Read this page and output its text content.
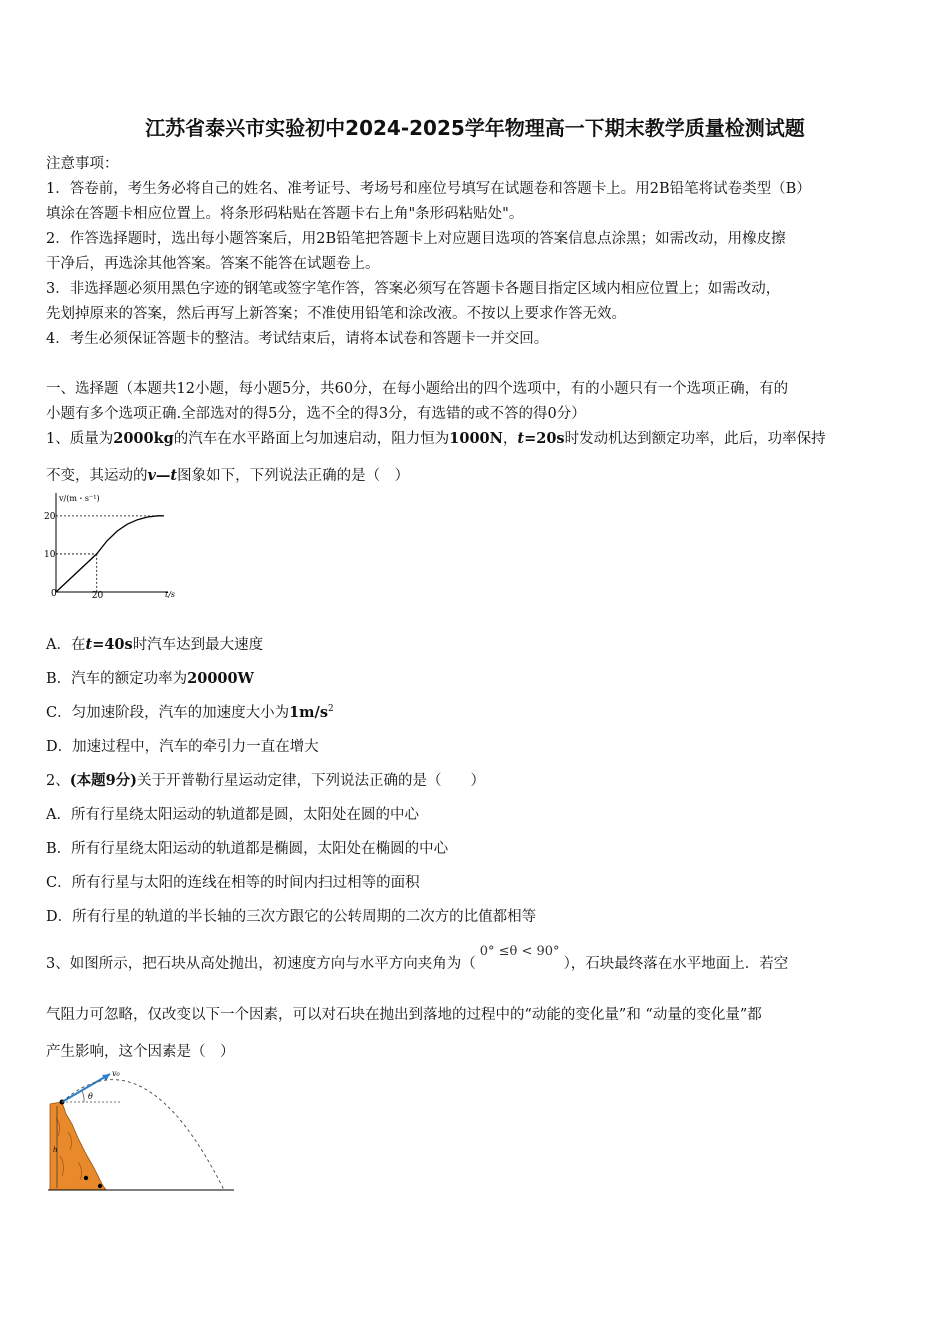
江苏省泰兴市实验初中2024-2025学年物理高一下期末教学质量检测试题
注意事项：
1．答卷前，考生务必将自己的姓名、准考证号、考场号和座位号填写在试题卷和答题卡上。用2B铅笔将试卷类型（B）
填涂在答题卡相应位置上。将条形码粘贴在答题卡右上角"条形码粘贴处"。
2．作答选择题时，选出每小题答案后，用2B铅笔把答题卡上对应题目选项的答案信息点涂黑；如需改动，用橡皮擦
干净后，再选涂其他答案。答案不能答在试题卷上。
3．非选择题必须用黑色字迹的钢笔或签字笔作答，答案必须写在答题卡各题目指定区域内相应位置上；如需改动，
先划掉原来的答案，然后再写上新答案；不准使用铅笔和涂改液。不按以上要求作答无效。
4．考生必须保证答题卡的整洁。考试结束后，请将本试卷和答题卡一并交回。
一、选择题（本题共12小题，每小题5分，共60分，在每小题给出的四个选项中，有的小题只有一个选项正确，有的
小题有多个选项正确.全部选对的得5分，选不全的得3分，有选错的或不答的得0分）
1、质量为2000kg的汽车在水平路面上匀加速启动，阻力恒为1000N，t=20s时发动机达到额定功率，此后，功率保持
不变，其运动的v—t图象如下，下列说法正确的是（　）
v/(m・s⁻¹)
t/s
0
20
10
20
A．在t=40s时汽车达到最大速度
B．汽车的额定功率为20000W
C．匀加速阶段，汽车的加速度大小为$1m/s^2$
D．加速过程中，汽车的牵引力一直在增大
2、(本题9分)关于开普勒行星运动定律，下列说法正确的是（　　）
A．所有行星绕太阳运动的轨道都是圆，太阳处在圆的中心
B．所有行星绕太阳运动的轨道都是椭圆，太阳处在椭圆的中心
C．所有行星与太阳的连线在相等的时间内扫过相等的面积
D．所有行星的轨道的半长轴的三次方跟它的公转周期的二次方的比值都相等
3、如图所示，把石块从高处抛出，初速度方向与水平方向夹角为（0° ≤θ < 90°），石块最终落在水平地面上．若空
气阻力可忽略，仅改变以下一个因素，可以对石块在抛出到落地的过程中的“动能的变化量”和 “动量的变化量”都
产生影响，这个因素是（　）
h
v₀
θ
